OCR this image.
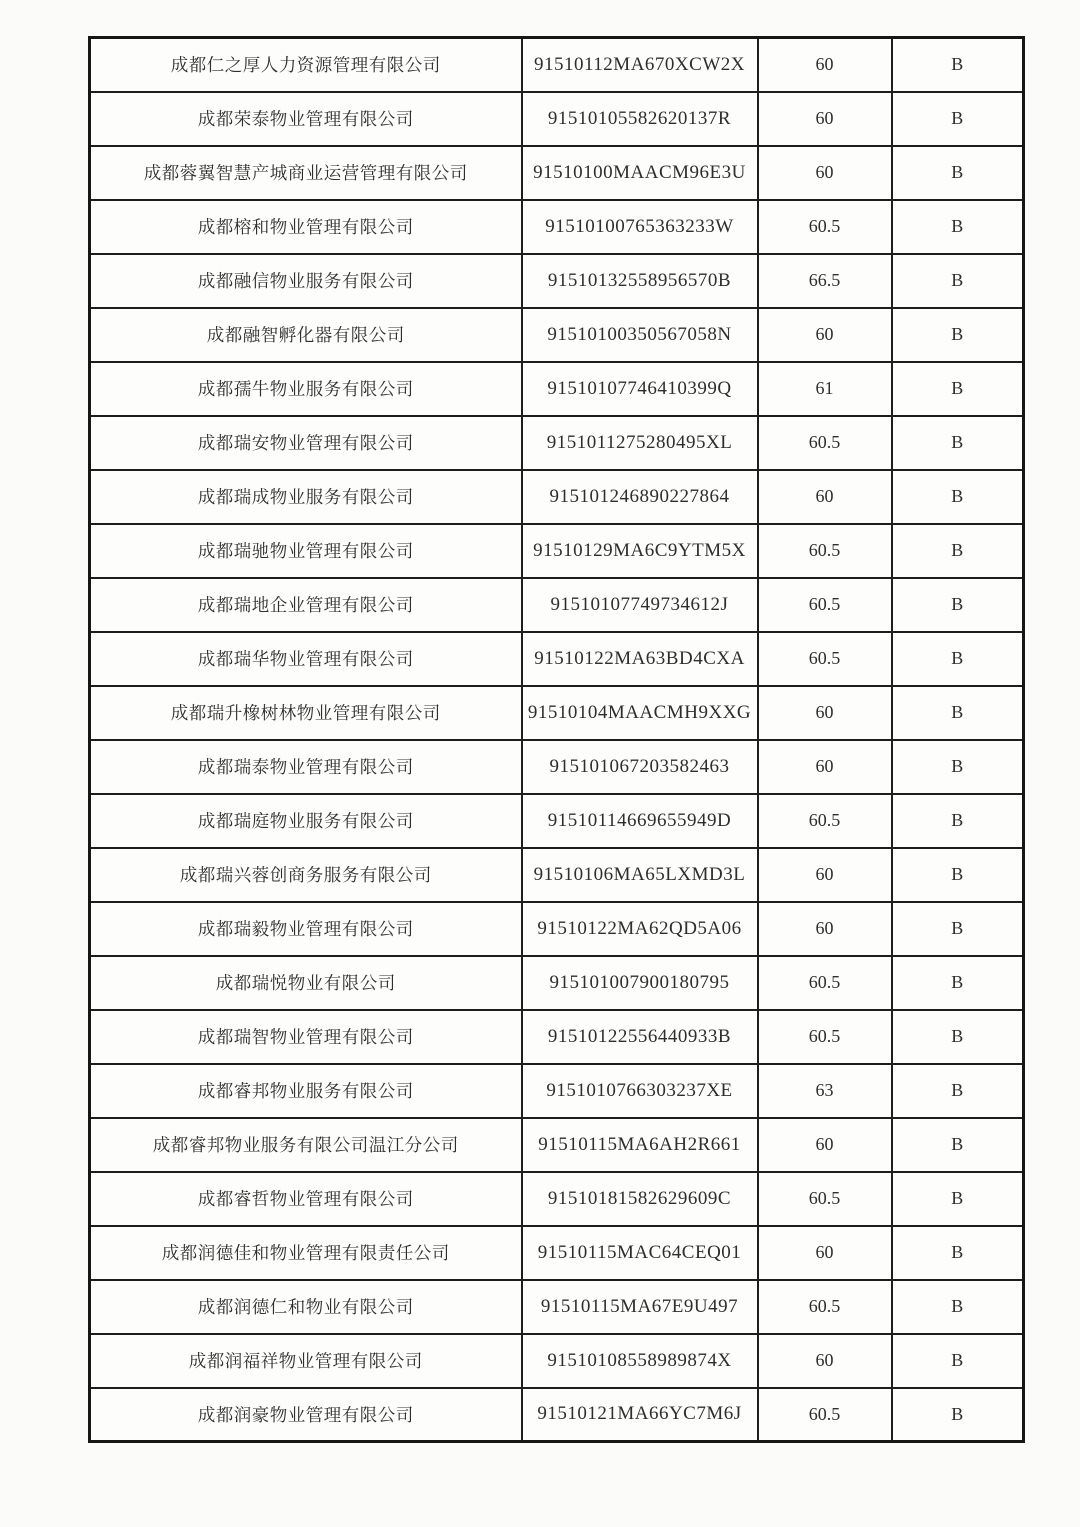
成都仁之厚人力资源管理有限公司	91510112MA670XCW2X	60	B
成都荣泰物业管理有限公司	91510105582620137R	60	B
成都蓉翼智慧产城商业运营管理有限公司	91510100MAACM96E3U	60	B
成都榕和物业管理有限公司	91510100765363233W	60.5	B
成都融信物业服务有限公司	91510132558956570B	66.5	B
成都融智孵化器有限公司	91510100350567058N	60	B
成都孺牛物业服务有限公司	91510107746410399Q	61	B
成都瑞安物业管理有限公司	9151011275280495XL	60.5	B
成都瑞成物业服务有限公司	915101246890227864	60	B
成都瑞驰物业管理有限公司	91510129MA6C9YTM5X	60.5	B
成都瑞地企业管理有限公司	91510107749734612J	60.5	B
成都瑞华物业管理有限公司	91510122MA63BD4CXA	60.5	B
成都瑞升橡树林物业管理有限公司	91510104MAACMH9XXG	60	B
成都瑞泰物业管理有限公司	915101067203582463	60	B
成都瑞庭物业服务有限公司	91510114669655949D	60.5	B
成都瑞兴蓉创商务服务有限公司	91510106MA65LXMD3L	60	B
成都瑞毅物业管理有限公司	91510122MA62QD5A06	60	B
成都瑞悦物业有限公司	915101007900180795	60.5	B
成都瑞智物业管理有限公司	91510122556440933B	60.5	B
成都睿邦物业服务有限公司	9151010766303237XE	63	B
成都睿邦物业服务有限公司温江分公司	91510115MA6AH2R661	60	B
成都睿哲物业管理有限公司	91510181582629609C	60.5	B
成都润德佳和物业管理有限责任公司	91510115MAC64CEQ01	60	B
成都润德仁和物业有限公司	91510115MA67E9U497	60.5	B
成都润福祥物业管理有限公司	91510108558989874X	60	B
成都润豪物业管理有限公司	91510121MA66YC7M6J	60.5	B
